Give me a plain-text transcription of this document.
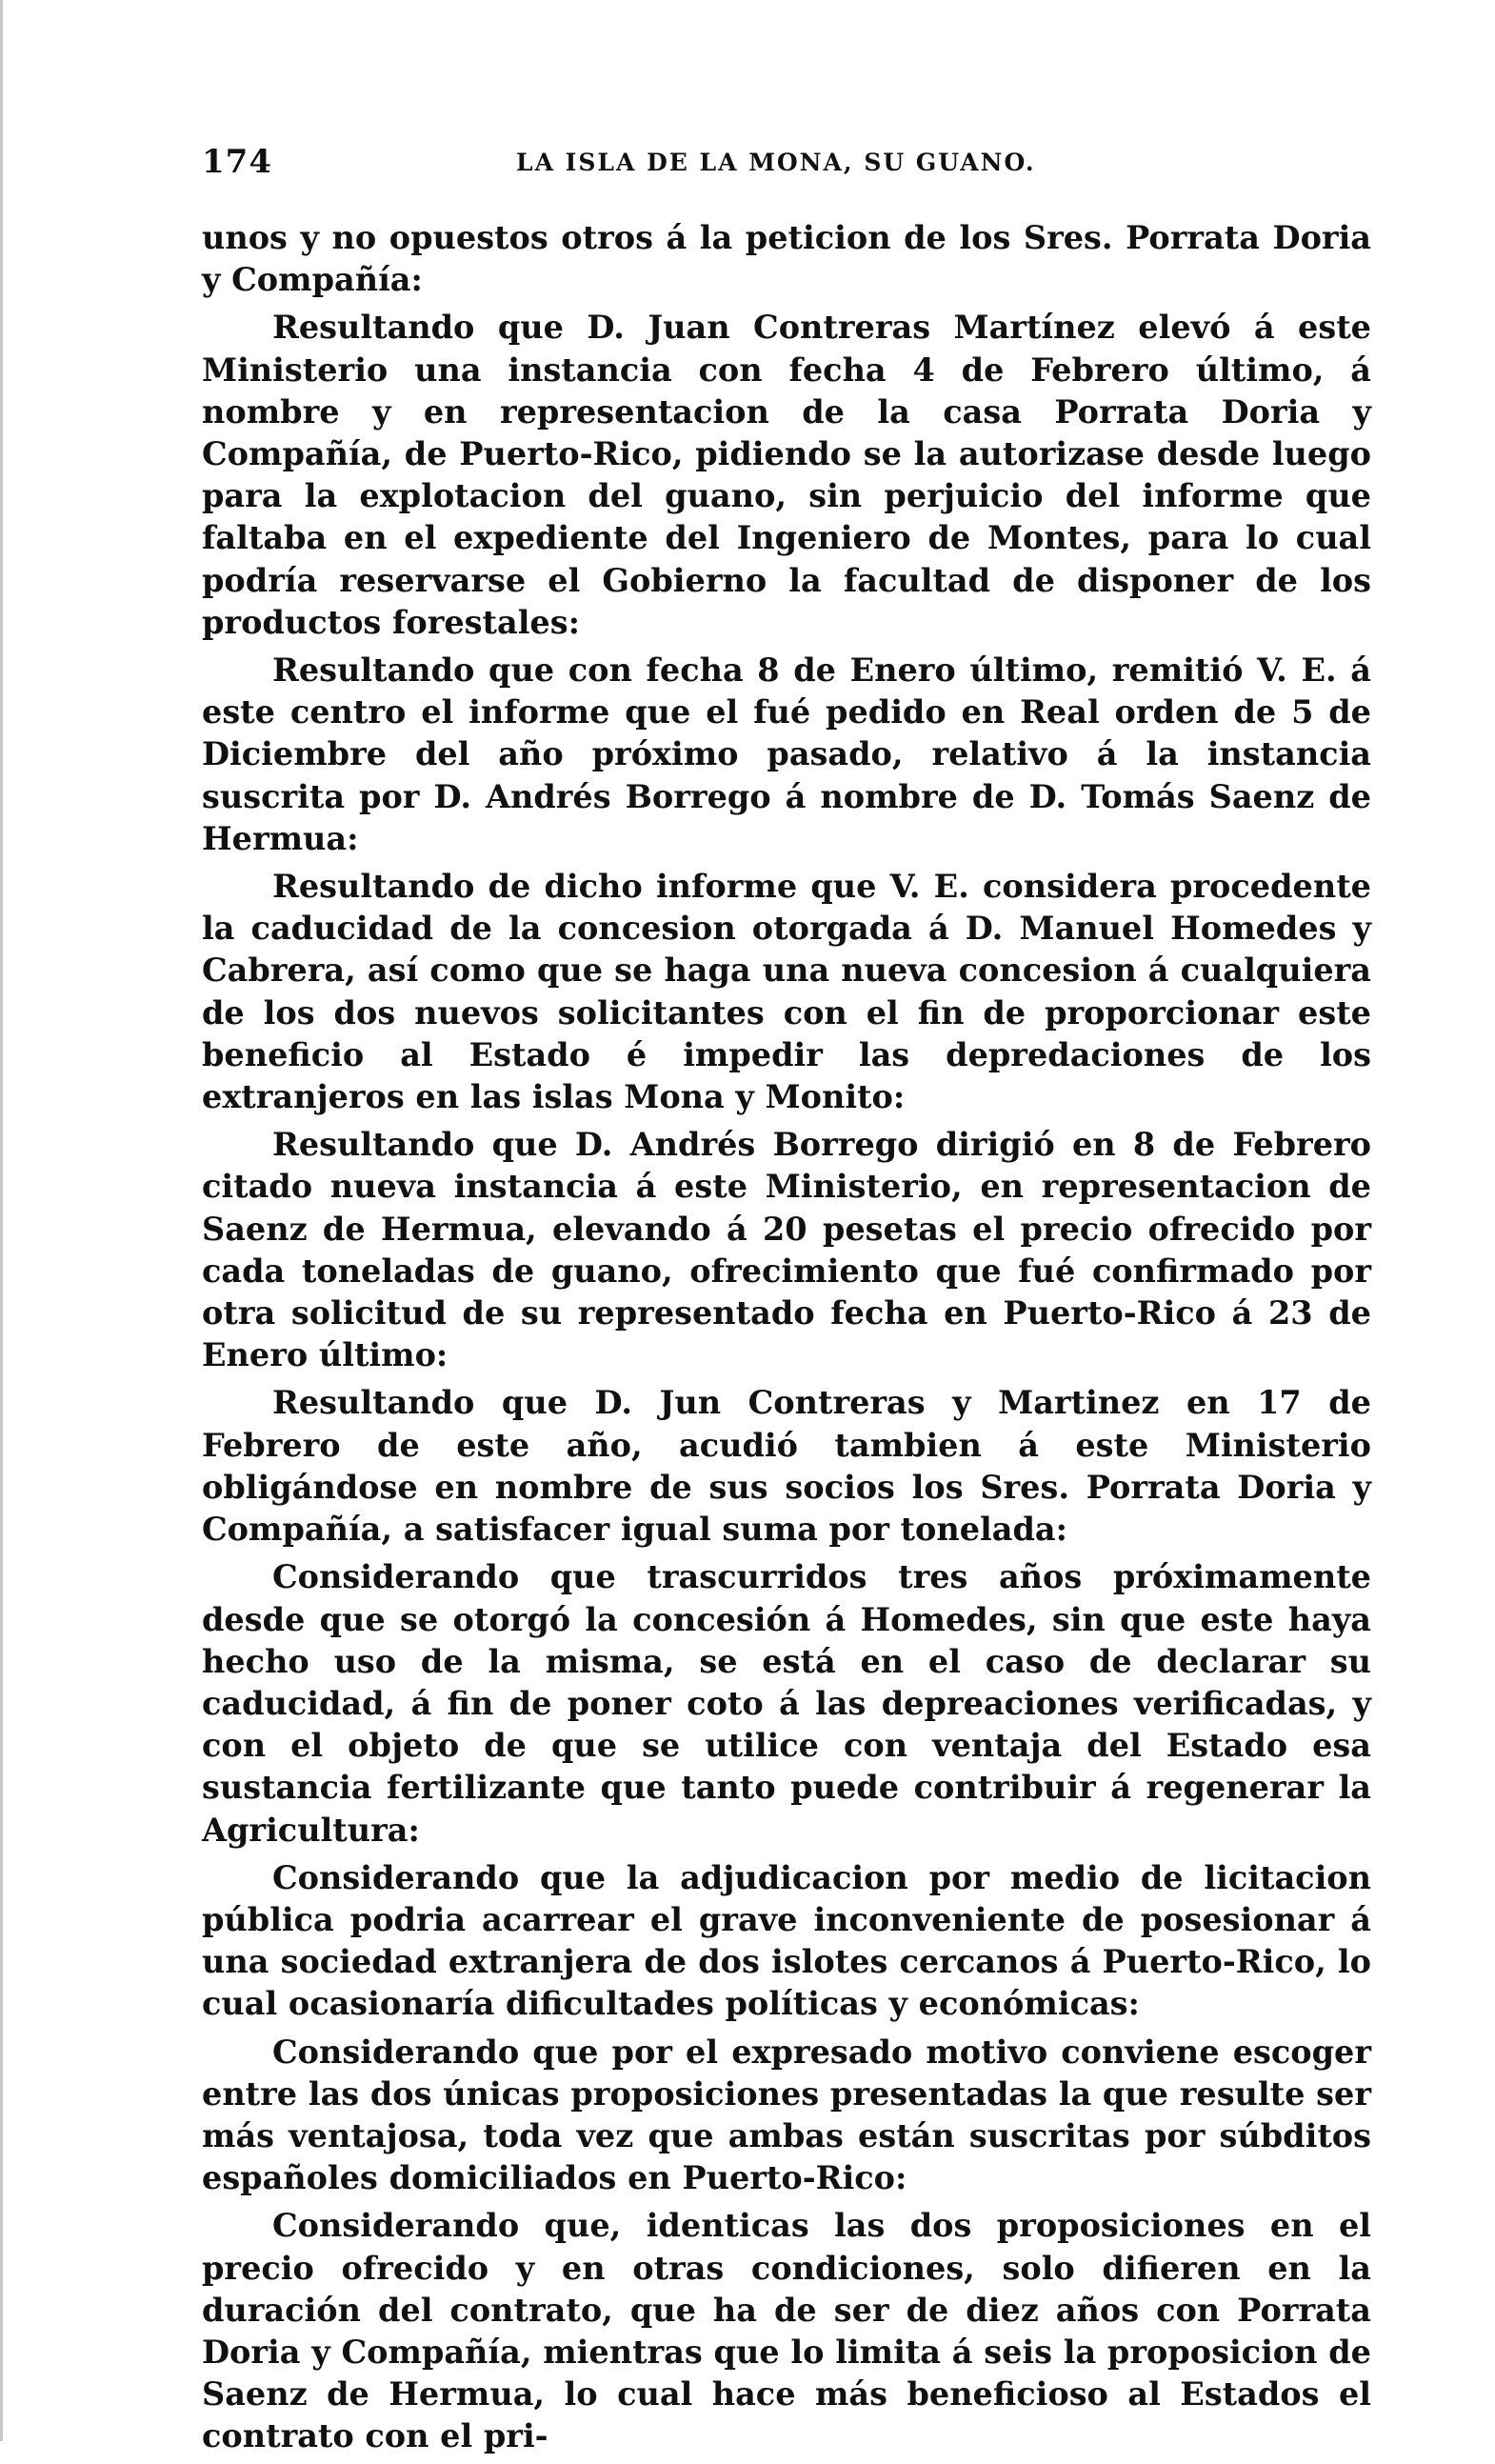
174	LA ISLA DE LA MONA, SU GUANO.

unos y no opuestos otros á la peticion de los Sres. Porrata Doria y Compañía:

Resultando que D. Juan Contreras Martínez elevó á este Ministerio una instancia con fecha 4 de Febrero último, á nombre y en representacion de la casa Porrata Doria y Compañía, de Puerto-Rico, pidiendo se la autorizase desde luego para la explotacion del guano, sin perjuicio del informe que faltaba en el expediente del Ingeniero de Montes, para lo cual podría reservarse el Gobierno la facultad de disponer de los productos forestales:

Resultando que con fecha 8 de Enero último, remitió V. E. á este centro el informe que el fué pedido en Real orden de 5 de Diciembre del año próximo pasado, relativo á la instancia suscrita por D. Andrés Borrego á nombre de D. Tomás Saenz de Hermua:

Resultando de dicho informe que V. E. considera procedente la caducidad de la concesion otorgada á D. Manuel Homedes y Cabrera, así como que se haga una nueva concesion á cualquiera de los dos nuevos solicitantes con el fin de proporcionar este beneficio al Estado é impedir las depredaciones de los extranjeros en las islas Mona y Monito:

Resultando que D. Andrés Borrego dirigió en 8 de Febrero citado nueva instancia á este Ministerio, en representacion de Saenz de Hermua, elevando á 20 pesetas el precio ofrecido por cada toneladas de guano, ofrecimiento que fué confirmado por otra solicitud de su representado fecha en Puerto-Rico á 23 de Enero último:

Resultando que D. Jun Contreras y Martinez en 17 de Febrero de este año, acudió tambien á este Ministerio obligándose en nombre de sus socios los Sres. Porrata Doria y Compañía, a satisfacer igual suma por tonelada:

Considerando que trascurridos tres años próximamente desde que se otorgó la concesión á Homedes, sin que este haya hecho uso de la misma, se está en el caso de declarar su caducidad, á fin de poner coto á las depreaciones verificadas, y con el objeto de que se utilice con ventaja del Estado esa sustancia fertilizante que tanto puede contribuir á regenerar la Agricultura:

Considerando que la adjudicacion por medio de licitacion pública podria acarrear el grave inconveniente de posesionar á una sociedad extranjera de dos islotes cercanos á Puerto-Rico, lo cual ocasionaría dificultades políticas y económicas:

Considerando que por el expresado motivo conviene escoger entre las dos únicas proposiciones presentadas la que resulte ser más ventajosa, toda vez que ambas están suscritas por súbditos españoles domiciliados en Puerto-Rico:

Considerando que, identicas las dos proposiciones en el precio ofrecido y en otras condiciones, solo difieren en la duración del contrato, que ha de ser de diez años con Porrata Doria y Compañía, mientras que lo limita á seis la proposicion de Saenz de Hermua, lo cual hace más beneficioso al Estados el contrato con el pri-
